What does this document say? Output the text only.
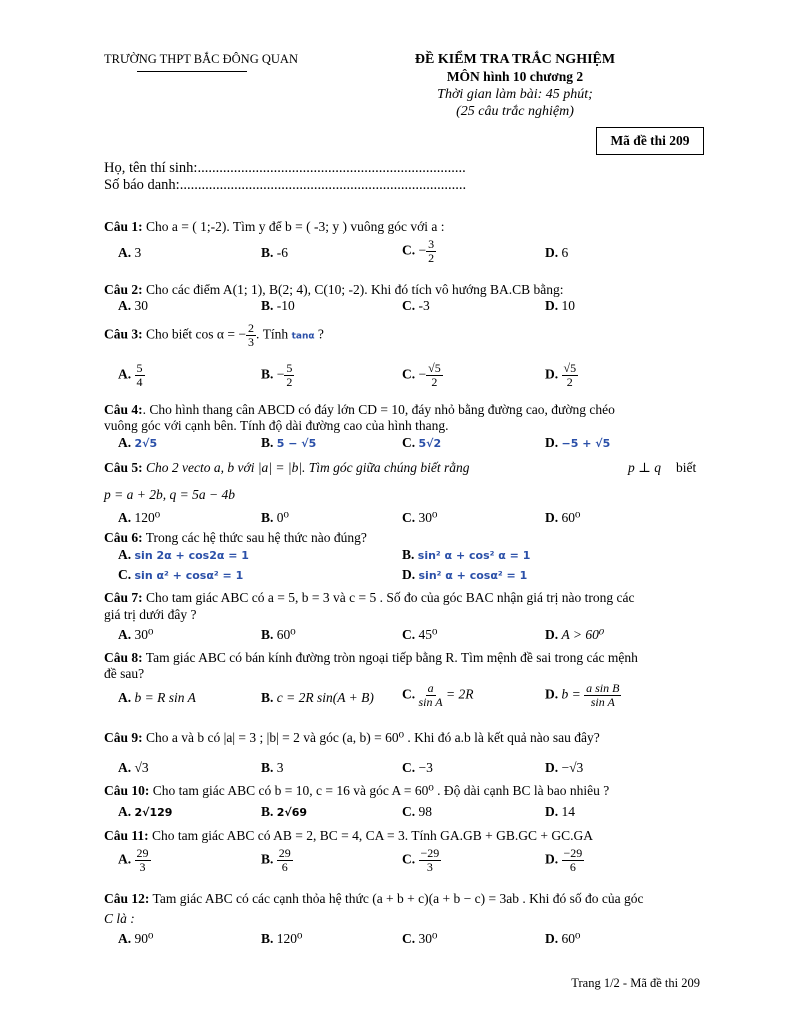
TRƯỜNG THPT BẮC ĐÔNG QUAN	ĐỀ KIỂM TRA TRẮC NGHIỆM
MÔN hình 10 chương 2
Thời gian làm bài: 45 phút;
(25 câu trắc nghiệm)
Mã đề thi 209
Họ, tên thí sinh:..........................................................................
Số báo danh:...............................................................................
Câu 1: Cho a = ( 1;-2). Tìm y để b = ( -3; y ) vuông góc với a :
A. 3	B. -6	C. − $\frac{3}{2}$	D. 6
Câu 2: Cho các điểm A(1; 1), B(2; 4), C(10; -2). Khi đó tích vô hướng BA.CB bằng:
A. 30	B. -10	C. -3	D. 10
Câu 3: Cho biết cos α = − $\frac{2}{3}$ . Tính tanα ?
A. $\frac{5}{4}$	B. − $\frac{5}{2}$	C. − $\frac{√5}{2}$	D. $\frac{√5}{2}$
Câu 4:. Cho hình thang cân ABCD có đáy lớn CD = 10, đáy nhỏ bằng đường cao, đường chéo
vuông góc với cạnh bên. Tính độ dài đường cao của hình thang.
A. 2√5	B. 5 − √5	C. 5√2	D. −5 + √5
Câu 5: Cho 2 vecto a, b với |a| = |b|. Tìm góc giữa chúng biết rằng	p ⊥ q biết
p = a + 2b, q = 5a − 4b
A. 120⁰	B. 0⁰	C. 30⁰	D. 60⁰
Câu 6: Trong các hệ thức sau hệ thức nào đúng?
A. sin 2α + cos2α = 1	B. sin² α + cos² α = 1
C. sin α² + cosα² = 1	D. sin² α + cosα² = 1
Câu 7: Cho tam giác ABC có a = 5, b = 3 và c = 5 . Số đo của góc BAC nhận giá trị nào trong các
giá trị dưới đây ?
A. 30⁰	B. 60⁰	C. 45⁰	D. A > 60⁰
Câu 8: Tam giác ABC có bán kính đường tròn ngoại tiếp bằng R. Tìm mệnh đề sai trong các mệnh
đề sau?
A. b = R sin A	B. c = 2R sin(A + B) C. $\frac{a}{\text{sin A}} = 2R$	D. $b = \frac{\text{a sin B}}{\text{sin A}}$
Câu 9: Cho a và b có |a| = 3 ; |b| = 2 và góc (a, b) = 60⁰ . Khi đó a.b là kết quả nào sau đây?
A. √3	B. 3	C. −3	D. −√3
Câu 10: Cho tam giác ABC có b = 10, c = 16 và góc A = 60⁰ . Độ dài cạnh BC là bao nhiêu ?
A. 2√129	B. 2√69	C. 98	D. 14
Câu 11: Cho tam giác ABC có AB = 2, BC = 4, CA = 3. Tính GA.GB + GB.GC + GC.GA
A. $\frac{29}{3}$	B. $\frac{29}{6}$	C. $\frac{-29}{3}$	D. $\frac{-29}{6}$
Câu 12: Tam giác ABC có các cạnh thỏa hệ thức (a + b + c)(a + b − c) = 3ab . Khi đó số đo của góc
C là :
A. 90⁰	B. 120⁰	C. 30⁰	D. 60⁰
Trang 1/2 - Mã đề thi 209
